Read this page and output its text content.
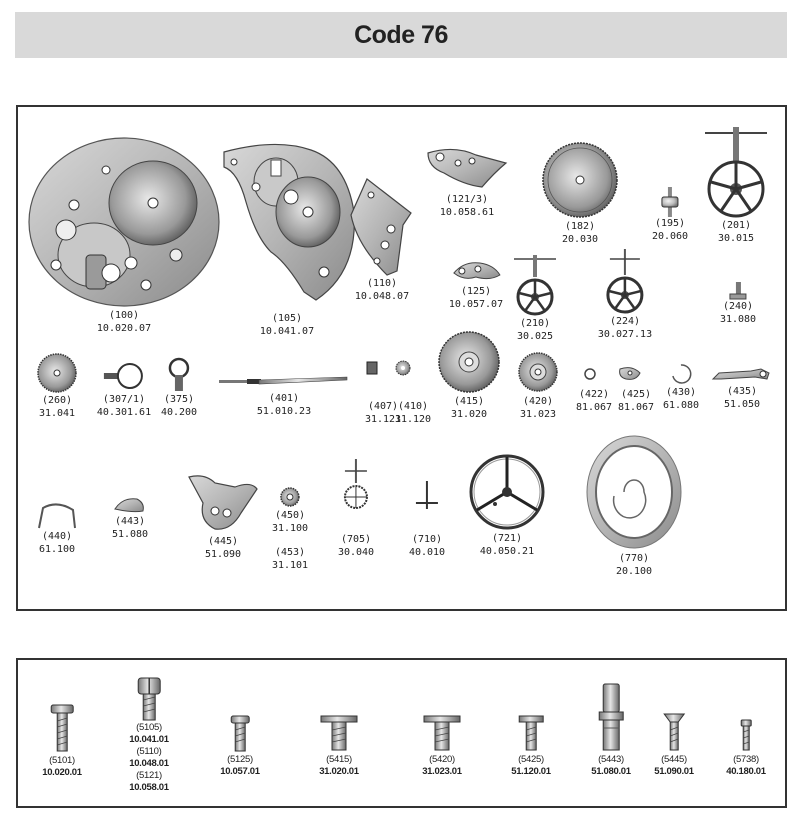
Code 76
(100)
10.020.07
(105)
10.041.07
(110)
10.048.07
(121/3)
10.058.61
(182)
20.030
(195)
20.060
(201)
30.015
(125)
10.057.07
(210)
30.025
(224)
30.027.13
(240)
31.080
(260)
31.041
(307/1)
40.301.61
(375)
40.200
(401)
51.010.23	(407)
31.121
(410)
31.120
(415)
31.020
(420)
31.023
(422)
81.067
(425)
81.067
(430)
61.080
(435)
51.050
(440)
61.100
(443)
51.080
(445)
51.090
(450)
31.100
(453)
31.101
(705)
30.040
(710)
40.010
(721)
40.050.21
(770)
20.100
(5101)
10.020.01
(5105)
10.041.01
(5110)
10.048.01
(5121)
10.058.01
(5125)
10.057.01
(5415)
31.020.01
(5420)
31.023.01
(5425)
51.120.01
(5443)
51.080.01
(5445)
51.090.01
(5738)
40.180.01
